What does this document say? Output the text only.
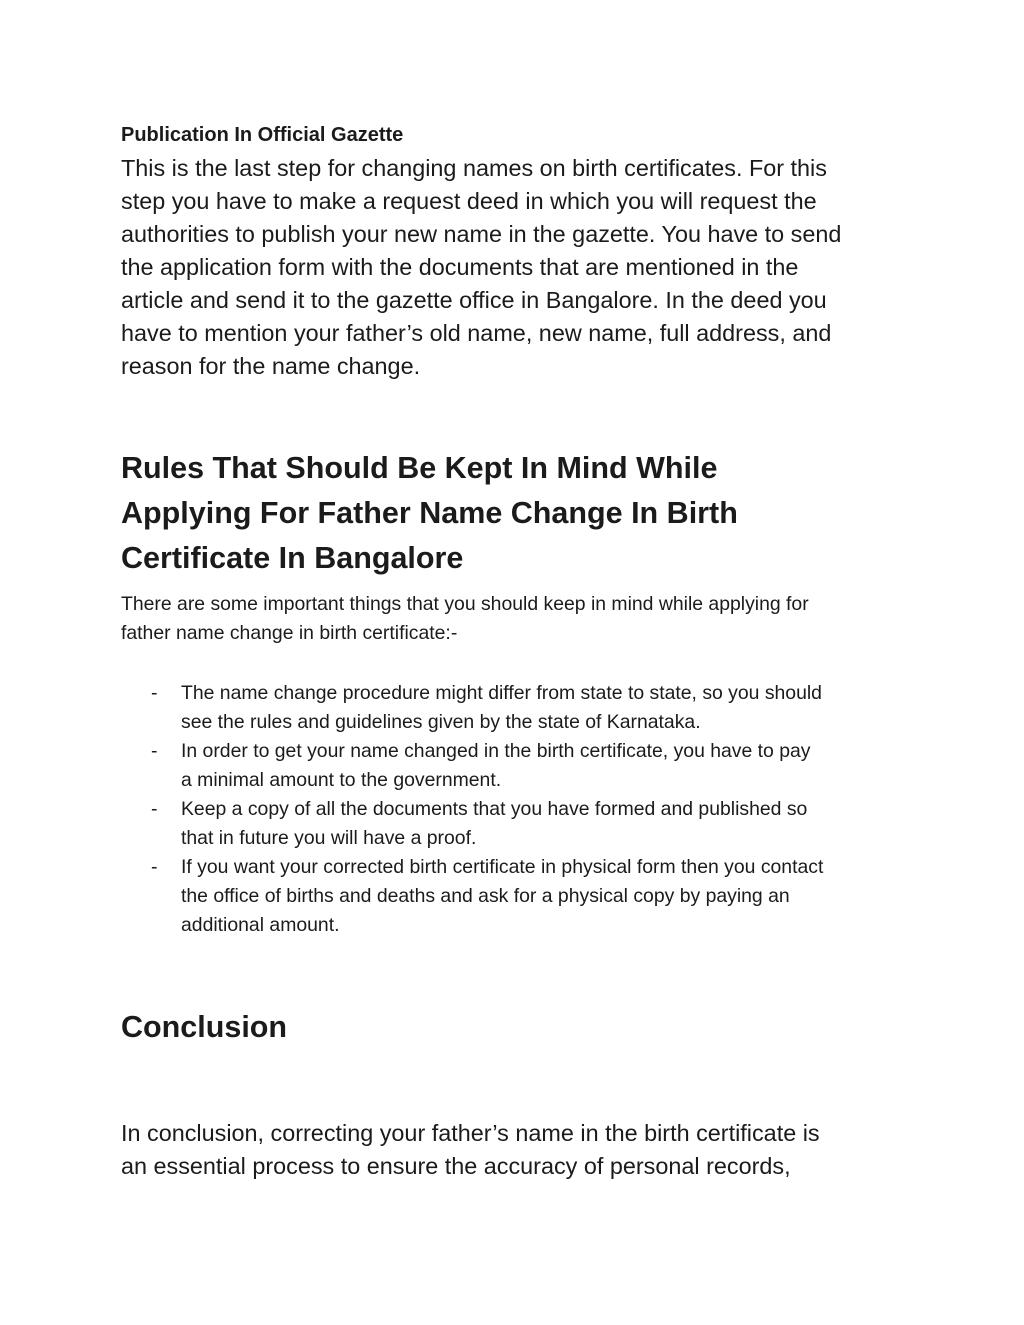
Publication In Official Gazette

This is the last step for changing names on birth certificates. For this
step you have to make a request deed in which you will request the
authorities to publish your new name in the gazette. You have to send
the application form with the documents that are mentioned in the
article and send it to the gazette office in Bangalore. In the deed you
have to mention your father’s old name, new name, full address, and
reason for the name change.

Rules That Should Be Kept In Mind While
Applying For Father Name Change In Birth
Certificate In Bangalore

There are some important things that you should keep in mind while applying for
father name change in birth certificate:-

- The name change procedure might differ from state to state, so you should
see the rules and guidelines given by the state of Karnataka.
- In order to get your name changed in the birth certificate, you have to pay
a minimal amount to the government.
- Keep a copy of all the documents that you have formed and published so
that in future you will have a proof.
- If you want your corrected birth certificate in physical form then you contact
the office of births and deaths and ask for a physical copy by paying an
additional amount.
Conclusion

In conclusion, correcting your father’s name in the birth certificate is
an essential process to ensure the accuracy of personal records,
